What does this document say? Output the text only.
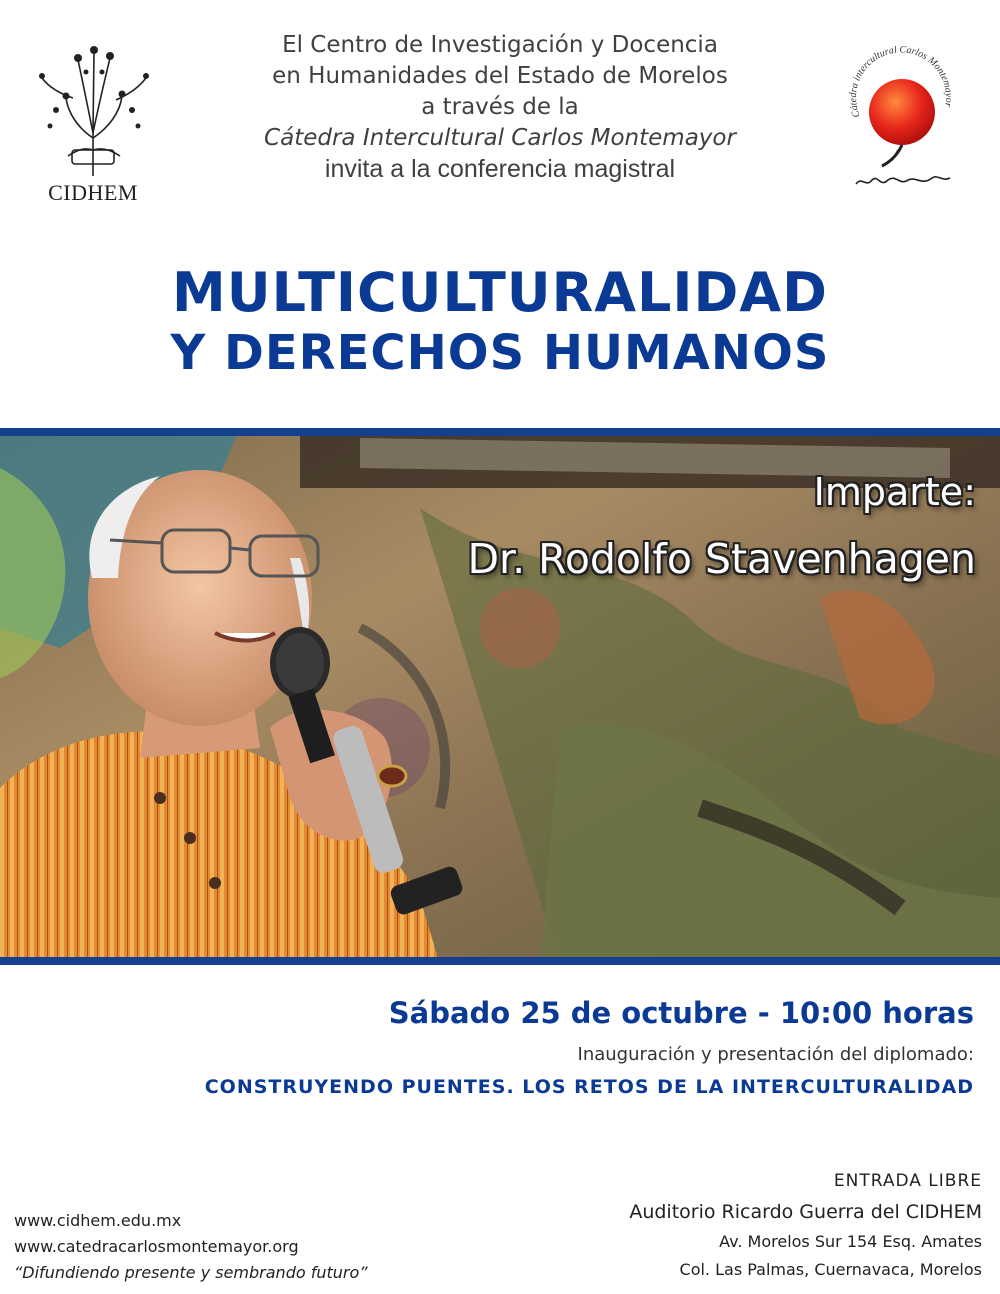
CIDHEM
El Centro de Investigación y Docencia
en Humanidades del Estado de Morelos
a través de la
Cátedra Intercultural Carlos Montemayor
invita a la conferencia magistral
Cátedra intercultural Carlos Montemayor
MULTICULTURALIDAD
Y DERECHOS HUMANOS
Imparte:
Dr. Rodolfo Stavenhagen
Sábado 25 de octubre - 10:00 horas
Inauguración y presentación del diplomado:
CONSTRUYENDO PUENTES. LOS RETOS DE LA INTERCULTURALIDAD
www.cidhem.edu.mx
www.catedracarlosmontemayor.org
“Difundiendo presente y sembrando futuro”
ENTRADA LIBRE
Auditorio Ricardo Guerra del CIDHEM
Av. Morelos Sur 154 Esq. Amates
Col. Las Palmas, Cuernavaca, Morelos
